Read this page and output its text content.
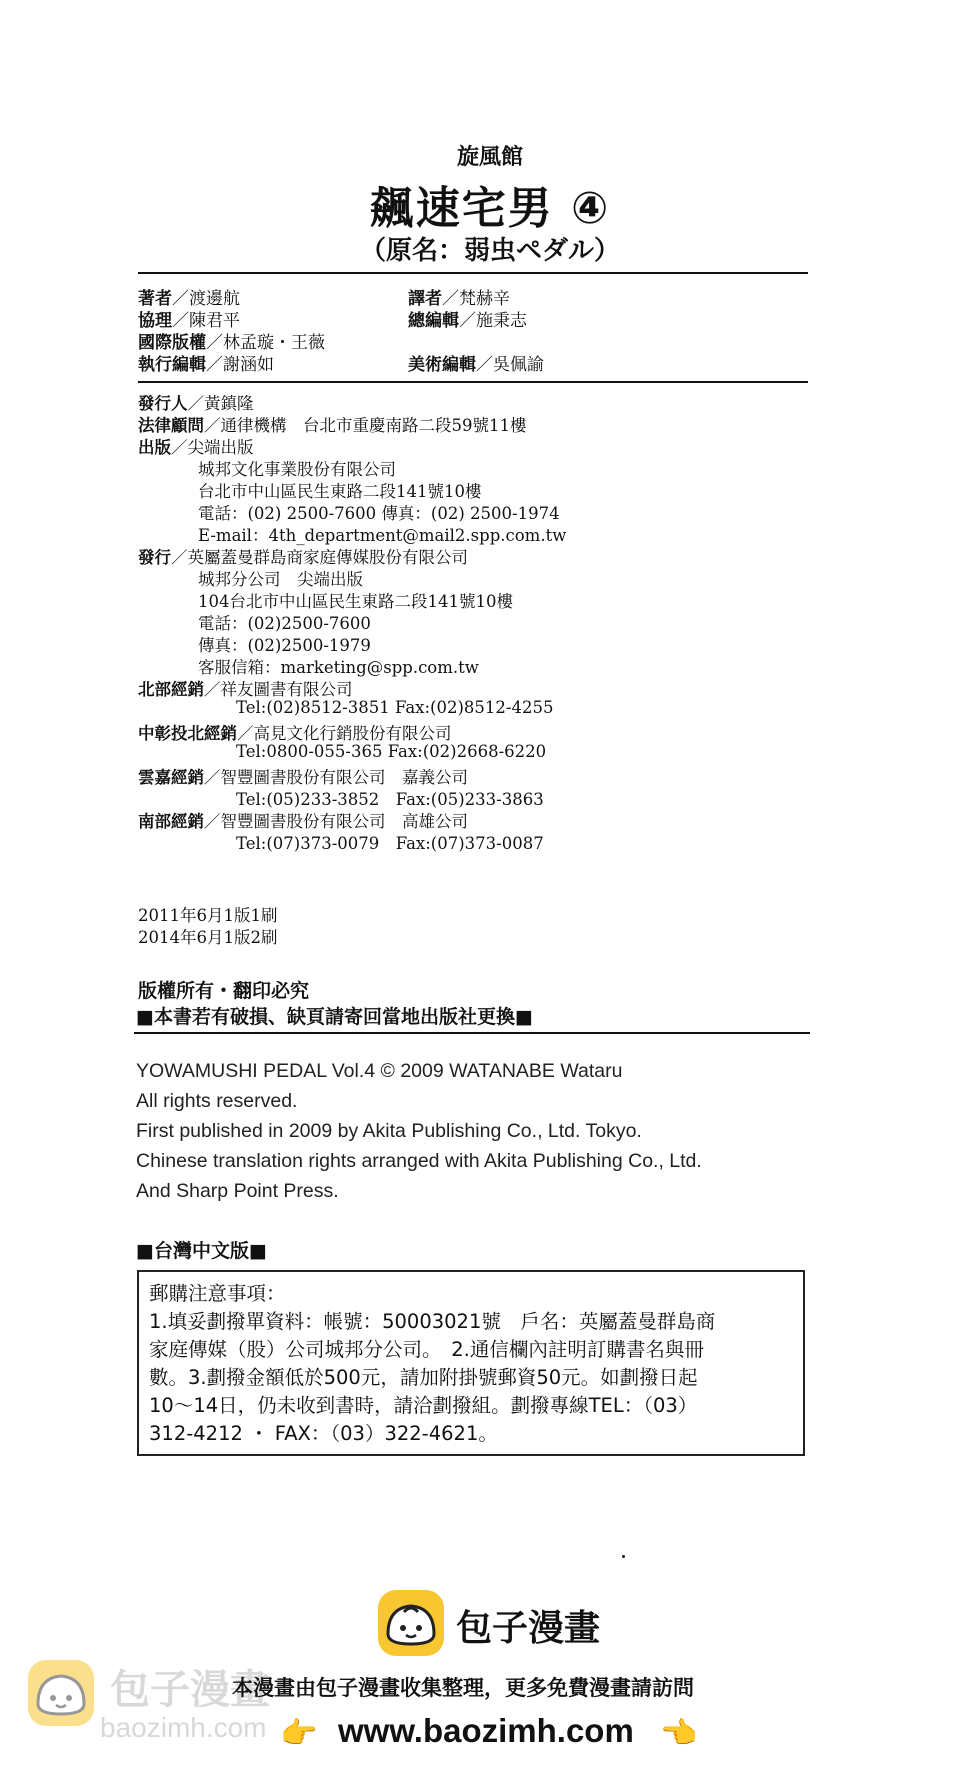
旋風館
飆速宅男 ④
（原名：弱虫ペダル）
著者／渡邊航	譯者／梵赫辛
協理／陳君平	總編輯／施秉志
國際版權／林孟璇・王薇
執行編輯／謝涵如	美術編輯／吳佩諭
發行人／黃鎮隆
法律顧問／通律機構　台北市重慶南路二段59號11樓
出版／尖端出版
城邦文化事業股份有限公司
台北市中山區民生東路二段141號10樓
電話：(02) 2500-7600 傳真：(02) 2500-1974
E-mail：4th_department@mail2.spp.com.tw
發行／英屬蓋曼群島商家庭傳媒股份有限公司
城邦分公司　尖端出版
104台北市中山區民生東路二段141號10樓
電話：(02)2500-7600
傳真：(02)2500-1979
客服信箱：marketing@spp.com.tw
北部經銷／祥友圖書有限公司
Tel:(02)8512-3851 Fax:(02)8512-4255
中彰投北經銷／高見文化行銷股份有限公司
Tel:0800-055-365 Fax:(02)2668-6220
雲嘉經銷／智豐圖書股份有限公司　嘉義公司
Tel:(05)233-3852　Fax:(05)233-3863
南部經銷／智豐圖書股份有限公司　高雄公司
Tel:(07)373-0079　Fax:(07)373-0087
2011年6月1版1刷
2014年6月1版2刷
版權所有・翻印必究
■本書若有破損、缺頁請寄回當地出版社更換■
YOWAMUSHI PEDAL Vol.4 © 2009 WATANABE Wataru
All rights reserved.
First published in 2009 by Akita Publishing Co., Ltd. Tokyo.
Chinese translation rights arranged with Akita Publishing Co., Ltd.
And Sharp Point Press.
■台灣中文版■
郵購注意事項：
1.填妥劃撥單資料：帳號：50003021號　戶名：英屬蓋曼群島商
家庭傳媒（股）公司城邦分公司。　2.通信欄內註明訂購書名與冊
數。3.劃撥金額低於500元，請加附掛號郵資50元。如劃撥日起
10～14日，仍未收到書時，請洽劃撥組。劃撥專線TEL：（03）
312-4212 ・ FAX：（03）322-4621。
包子漫畫
包子漫畫
baozimh.com
本漫畫由包子漫畫收集整理，更多免費漫畫請訪問
👉 www.baozimh.com 👈
